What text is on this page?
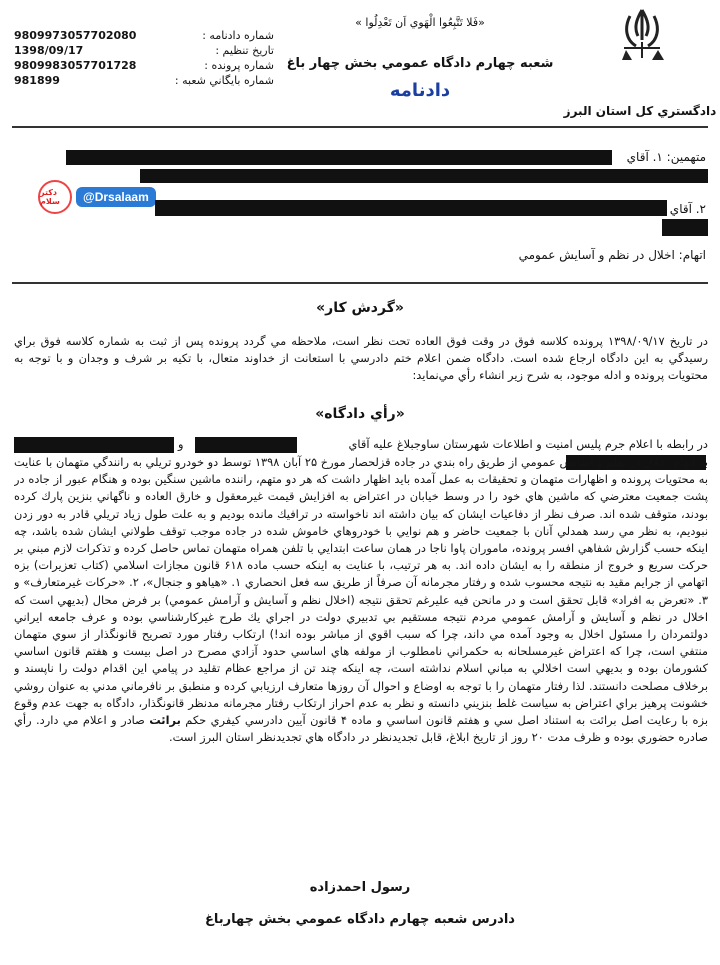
شماره دادنامه :
9809973057702080
تاريخ تنظيم :
1398/09/17
شماره پرونده :
9809983057701728
شماره بايگاني شعبه :
981899
«فَلا تَتَّبِعُوا الْهَوي اَن تَعْدِلُوا »
شعبه چهارم دادگاه عمومي بخش چهار باغ
دادنامه
دادگستري كل استان البرز
متهمين: ۱. آقاي
دکتر سلام	@Drsalaam
۲. آقاي
اتهام: اخلال در نظم و آسايش عمومي
«گردش كار»
در تاريخ ۱۳۹۸/۰۹/۱۷ پرونده كلاسه فوق در وقت فوق العاده تحت نظر است، ملاحظه مي گردد پرونده پس از ثبت به شماره كلاسه فوق براي رسيدگي به اين دادگاه ارجاع شده است. دادگاه ضمن اعلام ختم دادرسي با استعانت از خداوند متعال، با تكيه بر شرف و وجدان و با توجه به محتويات پرونده و ادله موجود، به شرح زير انشاء رأي مي‌نمايد:
«رأي دادگاه»
در رابطه با اعلام جرم پليس امنيت و اطلاعات شهرستان ساوجبلاغ عليه آقاي
و
به اتهام اخلال در نظم و آسايش عمومي از طريق راه بندي در جاده قزلحصار مورخ ۲۵ آبان ۱۳۹۸ توسط دو خودرو تريلي به رانندگي متهمان با عنايت به محتويات پرونده و اظهارات متهمان و تحقيقات به عمل آمده بايد اظهار داشت كه هر دو متهم، راننده ماشين سنگين بوده و هنگام عبور از جاده در پشت جمعيت معترضي كه ماشين هاي خود را در وسط خيابان در اعتراض به افزايش قيمت غيرمعقول و خارق العاده و ناگهاني بنزين پارك كرده بودند، متوقف شده اند. صرف نظر از دفاعيات ايشان كه بيان داشته اند ناخواسته در ترافيك مانده بوديم و به علت طول زياد تريلي قادر به دور زدن نبوديم، به نظر مي رسد همدلي آنان با جمعيت حاضر و هم نوايي با خودروهاي خاموش شده در جاده موجب توقف طولاني ايشان شده باشد، چه اينكه حسب گزارش شفاهي افسر پرونده، ماموران پاوا ناجا در همان ساعت ابتدايي با تلفن همراه متهمان تماس حاصل كرده و تذكرات لازم مبني بر حركت سريع و خروج از منطقه را به ايشان داده اند. به هر ترتيب، با عنايت به اينكه حسب ماده ۶۱۸ قانون مجازات اسلامي (كتاب تعزيرات) بزه اتهامي از جرايم مقيد به نتيجه محسوب شده و رفتار مجرمانه آن صرفاً از طريق سه فعل انحصاري ۱. «هياهو و جنجال»، ۲. «حركات غيرمتعارف» و ۳. «تعرض به افراد» قابل تحقق است و در مانحن فيه عليرغم تحقق نتيجه (اخلال نظم و آسايش و آرامش عمومي) بر فرض محال (بديهي است كه اخلال در نظم و آسايش و آرامش عمومي مردم نتيجه مستقيم بي تدبيري دولت در اجراي يك طرح غيركارشناسي بوده و عرف جامعه ايراني دولتمردان را مسئول اخلال به وجود آمده مي داند، چرا كه سبب اقوي از مباشر بوده اند!) ارتكاب رفتار مورد تصريح قانونگذار از سوي متهمان منتفي است، چرا كه اعتراض غيرمسلحانه به حكمراني نامطلوب از مولفه هاي اساسي حدود آزادي مصرح در اصل بيست و هفتم قانون اساسي كشورمان بوده و بديهي است اخلالي به مباني اسلام نداشته است، چه اينكه چند تن از مراجع عظام تقليد در پيامي اين اقدام دولت را ناپسند و برخلاف مصلحت دانستند. لذا رفتار متهمان را با توجه به اوضاع و احوال آن روزها متعارف ارزيابي كرده و منطبق بر نافرماني مدني به عنوان روشي خشونت پرهيز براي اعتراض به سياست غلط بنزيني دانسته و نظر به عدم احراز ارتكاب رفتار مجرمانه مدنظر قانونگذار، دادگاه به جهت عدم وقوع بزه با رعايت اصل برائت به استناد اصل سي و هفتم قانون اساسي و ماده ۴ قانون آيين دادرسي كيفري حكم برائت صادر و اعلام مي دارد. رأي صادره حضوري بوده و ظرف مدت ۲۰ روز از تاريخ ابلاغ، قابل تجديدنظر در دادگاه هاي تجديدنظر استان البرز است.
رسول احمدزاده
دادرس شعبه چهارم دادگاه عمومي بخش چهارباغ
